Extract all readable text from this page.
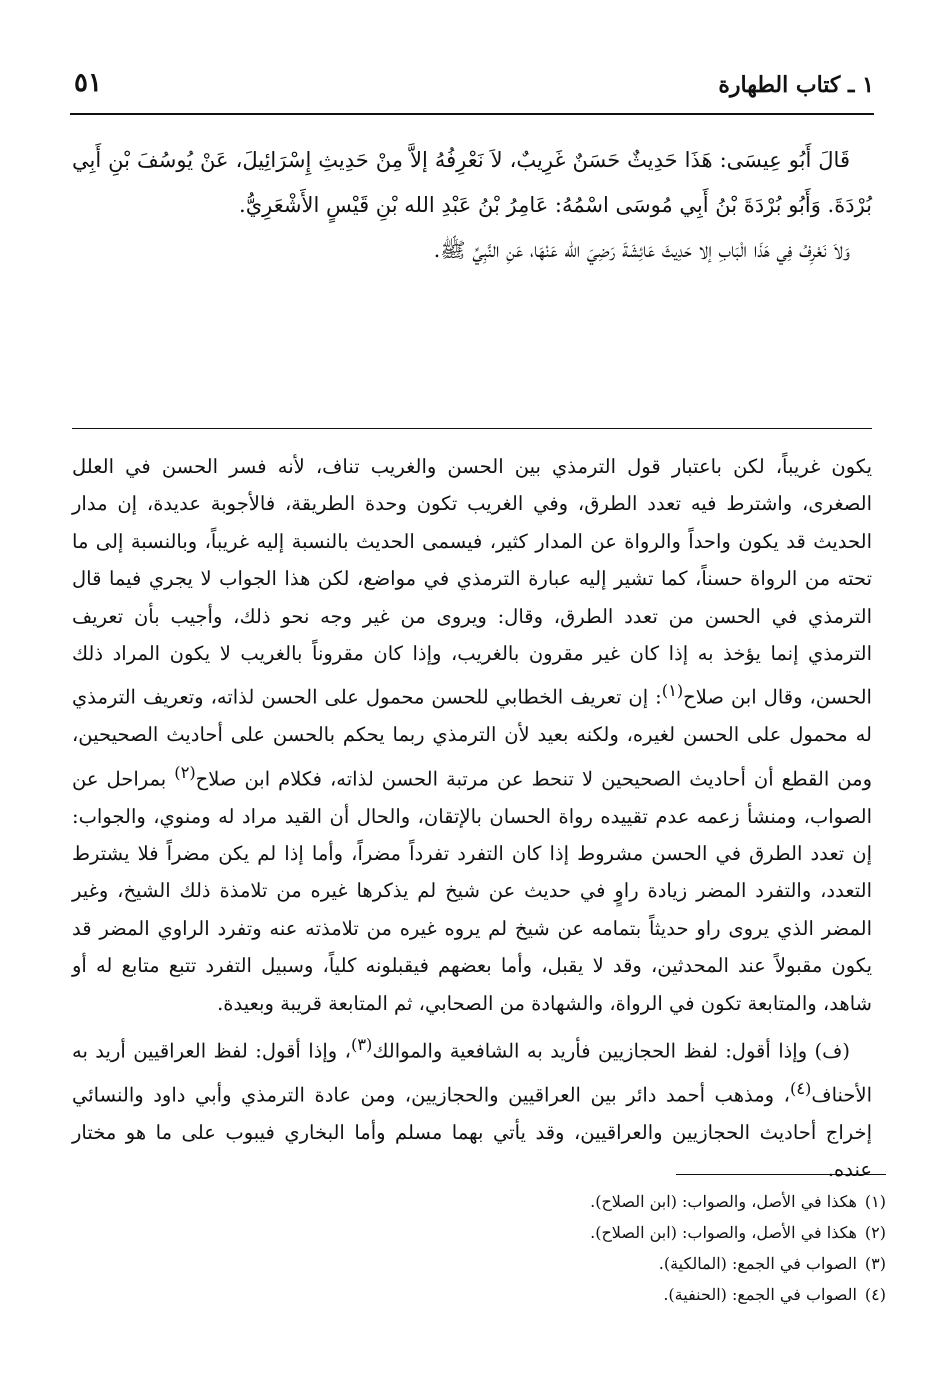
١ ـ كتاب الطهارة
٥١

قَالَ أَبُو عِيسَى: هَذَا حَدِيثٌ حَسَنٌ غَرِيبٌ، لاَ نَعْرِفُهُ إلاَّ مِنْ حَدِيثِ إِسْرَائِيلَ، عَنْ يُوسُفَ بْنِ أَبِي بُرْدَةَ. وَأَبُو بُرْدَةَ بْنُ أَبِي مُوسَى اسْمُهُ: عَامِرُ بْنُ عَبْدِ الله بْنِ قَيْسٍ الأَشْعَرِيُّ.

وَلاَ نَعْرِفُ فِي هَذَا الْبَابِ إلا حَدِيثَ عَائِشَةَ رَضِيَ الله عَنْهَا، عَنِ النَّبِيِّ ﷺ.

يكون غريباً، لكن باعتبار قول الترمذي بين الحسن والغريب تناف، لأنه فسر الحسن في العلل الصغرى، واشترط فيه تعدد الطرق، وفي الغريب تكون وحدة الطريقة، فالأجوبة عديدة، إن مدار الحديث قد يكون واحداً والرواة عن المدار كثير، فيسمى الحديث بالنسبة إليه غريباً، وبالنسبة إلى ما تحته من الرواة حسناً، كما تشير إليه عبارة الترمذي في مواضع، لكن هذا الجواب لا يجري فيما قال الترمذي في الحسن من تعدد الطرق، وقال: ويروى من غير وجه نحو ذلك، وأجيب بأن تعريف الترمذي إنما يؤخذ به إذا كان غير مقرون بالغريب، وإذا كان مقروناً بالغريب لا يكون المراد ذلك الحسن، وقال ابن صلاح$^{(١)}$: إن تعريف الخطابي للحسن محمول على الحسن لذاته، وتعريف الترمذي له محمول على الحسن لغيره، ولكنه بعيد لأن الترمذي ربما يحكم بالحسن على أحاديث الصحيحين، ومن القطع أن أحاديث الصحيحين لا تنحط عن مرتبة الحسن لذاته، فكلام ابن صلاح$^{(٢)}$ بمراحل عن الصواب، ومنشأ زعمه عدم تقييده رواة الحسان بالإتقان، والحال أن القيد مراد له ومنوي، والجواب: إن تعدد الطرق في الحسن مشروط إذا كان التفرد تفرداً مضراً، وأما إذا لم يكن مضراً فلا يشترط التعدد، والتفرد المضر زيادة راوٍ في حديث عن شيخ لم يذكرها غيره من تلامذة ذلك الشيخ، وغير المضر الذي يروى راو حديثاً بتمامه عن شيخ لم يروه غيره من تلامذته عنه وتفرد الراوي المضر قد يكون مقبولاً عند المحدثين، وقد لا يقبل، وأما بعضهم فيقبلونه كلياً، وسبيل التفرد تتبع متابع له أو شاهد، والمتابعة تكون في الرواة، والشهادة من الصحابي، ثم المتابعة قريبة وبعيدة.

(ف) وإذا أقول: لفظ الحجازيين فأريد به الشافعية والموالك$^{(٣)}$، وإذا أقول: لفظ العراقيين أريد به الأحناف$^{(٤)}$، ومذهب أحمد دائر بين العراقيين والحجازيين، ومن عادة الترمذي وأبي داود والنسائي إخراج أحاديث الحجازيين والعراقيين، وقد يأتي بهما مسلم وأما البخاري فيبوب على ما هو مختار عنده.

(١)هكذا في الأصل، والصواب: (ابن الصلاح).
(٢)هكذا في الأصل، والصواب: (ابن الصلاح).
(٣)الصواب في الجمع: (المالكية).
(٤)الصواب في الجمع: (الحنفية).
